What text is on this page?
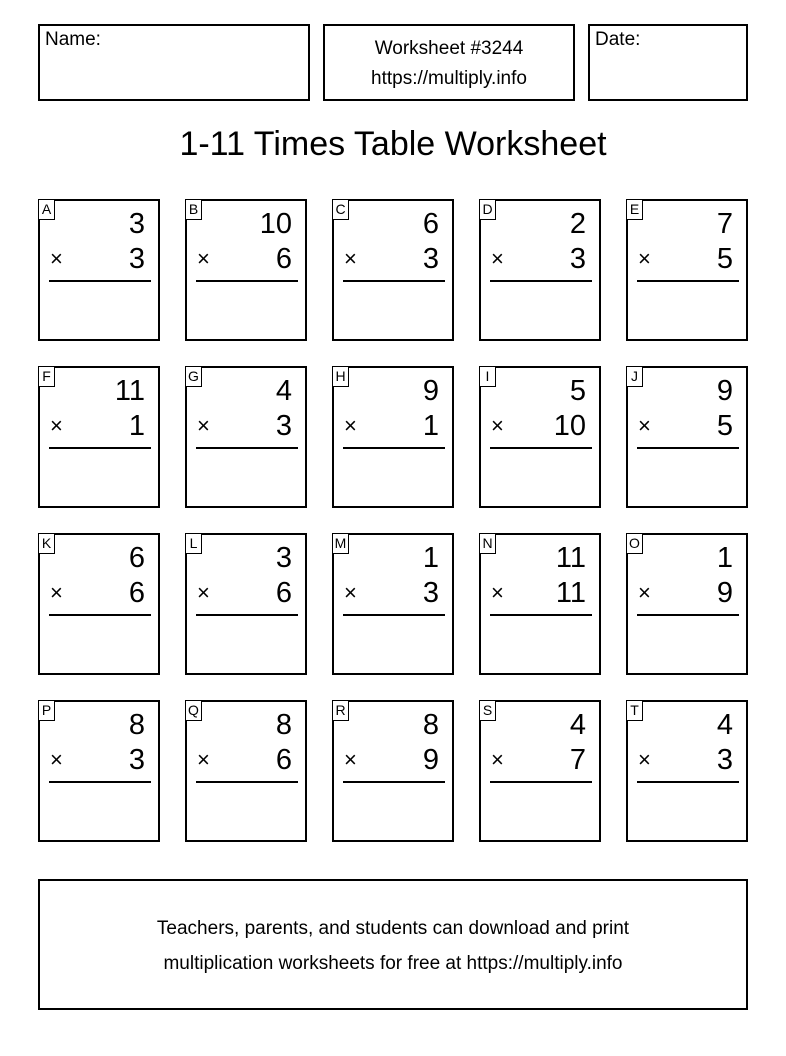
Name:	Worksheet #3244
https://multiply.info
Date:
1-11 Times Table Worksheet
A	3
× 3
B 10
× 6
C	6
× 3
D	2
× 3
E	7
× 5
F 11
× 1
G	4
× 3
H	9
× 1
I	5
× 10
J	9
× 5
K	6
× 6
L	3
× 6
M	1
× 3
N 11
× 11
O	1
× 9
P	8
× 3
Q	8
× 6
R	8
× 9
S	4
× 7
T	4
× 3
Teachers, parents, and students can download and print
multiplication worksheets for free at https://multiply.info
